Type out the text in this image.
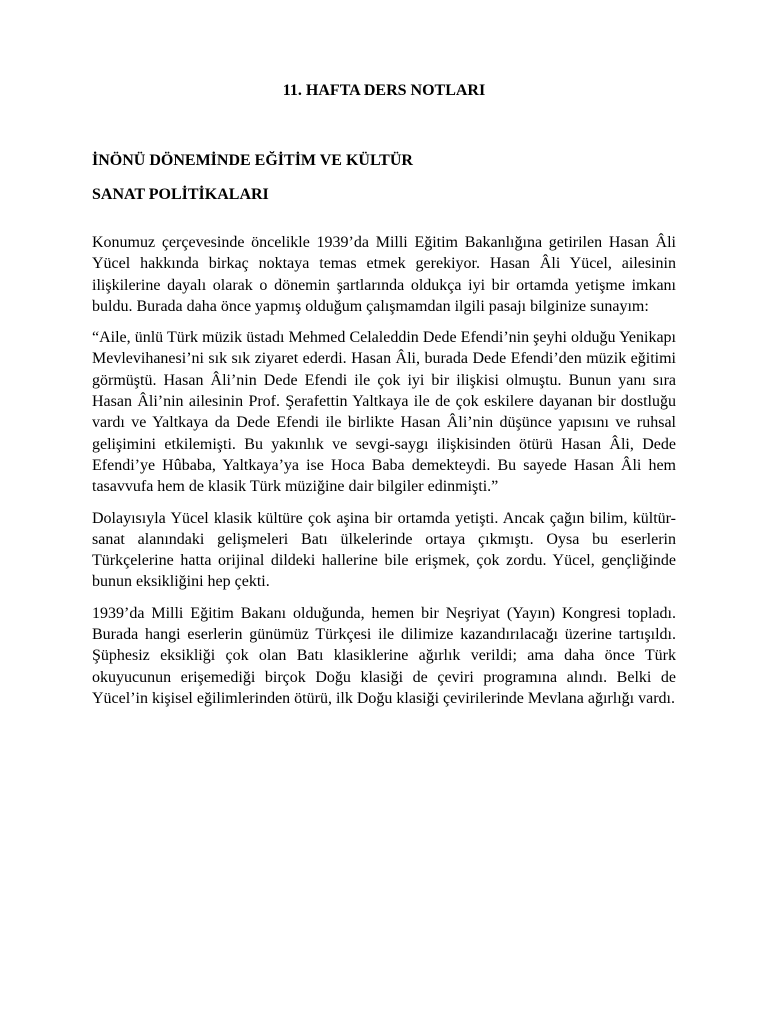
11. HAFTA DERS NOTLARI
İNÖNÜ DÖNEMİNDE EĞİTİM VE KÜLTÜR
SANAT POLİTİKALARI

Konumuz çerçevesinde öncelikle 1939’da Milli Eğitim Bakanlığına getirilen Hasan Âli Yücel hakkında birkaç noktaya temas etmek gerekiyor. Hasan Âli Yücel, ailesinin ilişkilerine dayalı olarak o dönemin şartlarında oldukça iyi bir ortamda yetişme imkanı buldu. Burada daha önce yapmış olduğum çalışmamdan ilgili pasajı bilginize sunayım:

“Aile, ünlü Türk müzik üstadı Mehmed Celaleddin Dede Efendi’nin şeyhi olduğu Yenikapı Mevlevihanesi’ni sık sık ziyaret ederdi. Hasan Âli, burada Dede Efendi’den müzik eğitimi görmüştü. Hasan Âli’nin Dede Efendi ile çok iyi bir ilişkisi olmuştu. Bunun yanı sıra Hasan Âli’nin ailesinin Prof. Şerafettin Yaltkaya ile de çok eskilere dayanan bir dostluğu vardı ve Yaltkaya da Dede Efendi ile birlikte Hasan Âli’nin düşünce yapısını ve ruhsal gelişimini etkilemişti. Bu yakınlık ve sevgi-saygı ilişkisinden ötürü Hasan Âli, Dede Efendi’ye Hûbaba, Yaltkaya’ya ise Hoca Baba demekteydi. Bu sayede Hasan Âli hem tasavvufa hem de klasik Türk müziğine dair bilgiler edinmişti.”

Dolayısıyla Yücel klasik kültüre çok aşina bir ortamda yetişti. Ancak çağın bilim, kültür-sanat alanındaki gelişmeleri Batı ülkelerinde ortaya çıkmıştı. Oysa bu eserlerin Türkçelerine hatta orijinal dildeki hallerine bile erişmek, çok zordu. Yücel, gençliğinde bunun eksikliğini hep çekti.

1939’da Milli Eğitim Bakanı olduğunda, hemen bir Neşriyat (Yayın) Kongresi topladı. Burada hangi eserlerin günümüz Türkçesi ile dilimize kazandırılacağı üzerine tartışıldı. Şüphesiz eksikliği çok olan Batı klasiklerine ağırlık verildi; ama daha önce Türk okuyucunun erişemediği birçok Doğu klasiği de çeviri programına alındı. Belki de Yücel’in kişisel eğilimlerinden ötürü, ilk Doğu klasiği çevirilerinde Mevlana ağırlığı vardı.
